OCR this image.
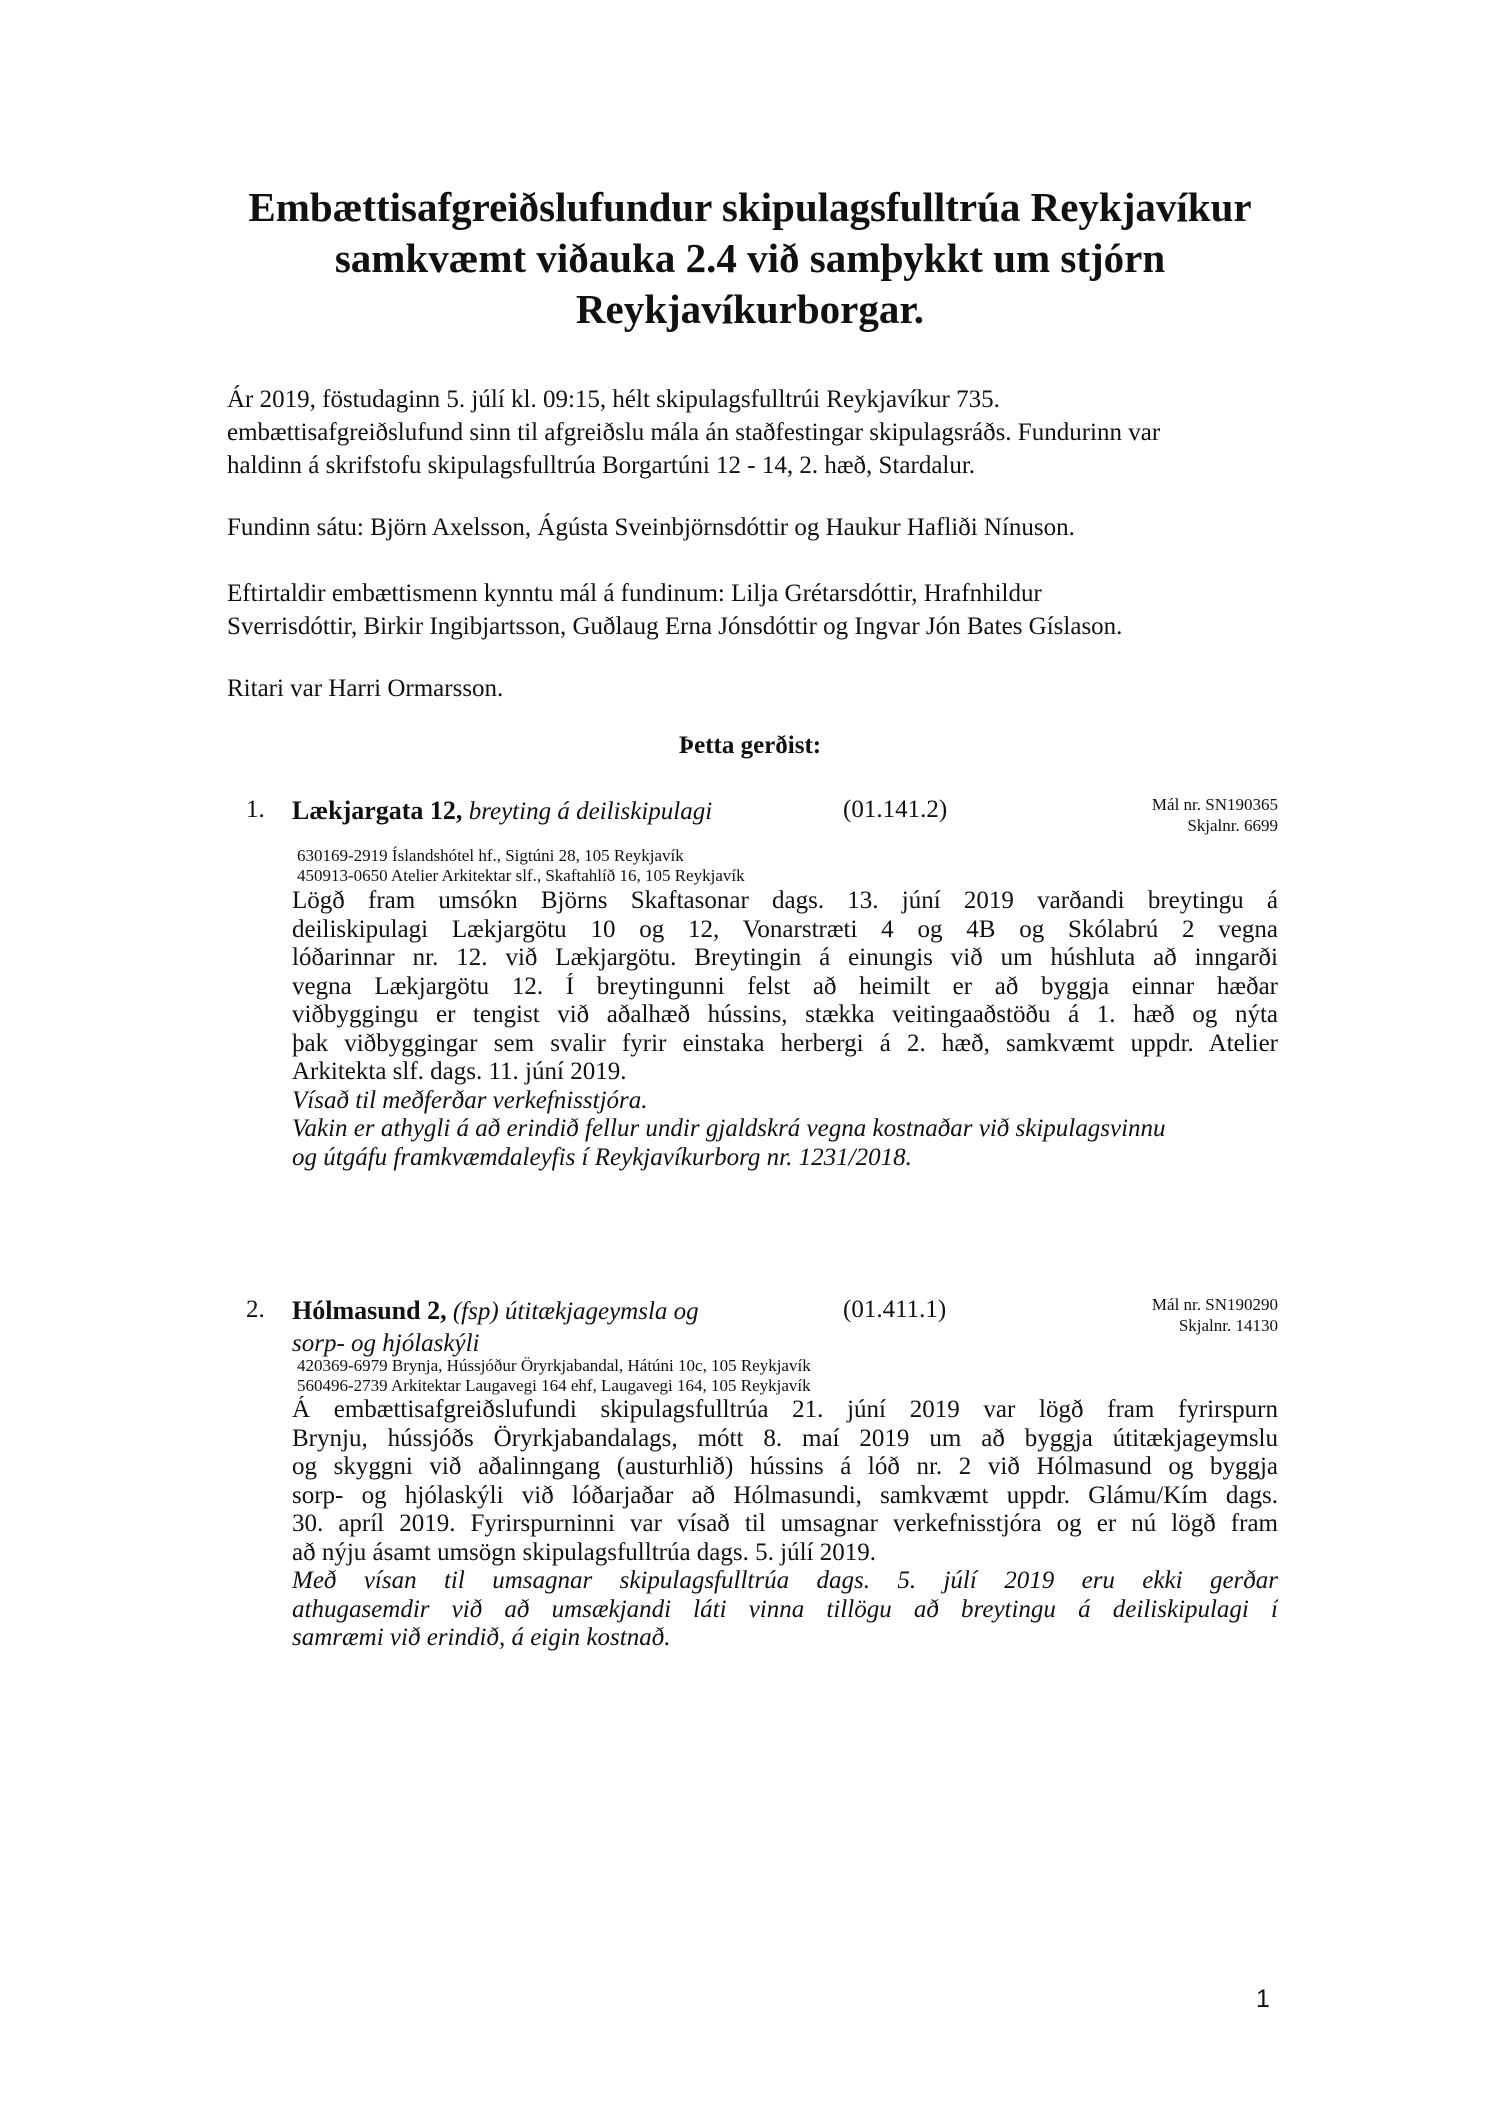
Embættisafgreiðslufundur skipulagsfulltrúa Reykjavíkur
samkvæmt viðauka 2.4 við samþykkt um stjórn
Reykjavíkurborgar.
Ár 2019, föstudaginn 5. júlí kl. 09:15, hélt skipulagsfulltrúi Reykjavíkur 735.
embættisafgreiðslufund sinn til afgreiðslu mála án staðfestingar skipulagsráðs. Fundurinn var
haldinn á skrifstofu skipulagsfulltrúa Borgartúni 12 - 14, 2. hæð, Stardalur.
Fundinn sátu: Björn Axelsson, Ágústa Sveinbjörnsdóttir og Haukur Hafliði Nínuson.
Eftirtaldir embættismenn kynntu mál á fundinum: Lilja Grétarsdóttir, Hrafnhildur
Sverrisdóttir, Birkir Ingibjartsson, Guðlaug Erna Jónsdóttir og Ingvar Jón Bates Gíslason.
Ritari var Harri Ormarsson.
Þetta gerðist:
1. Lækjargata 12, breyting á deiliskipulagi	(01.141.2)	Mál nr. SN190365
Skjalnr. 6699
630169-2919 Íslandshótel hf., Sigtúni 28, 105 Reykjavík
450913-0650 Atelier Arkitektar slf., Skaftahlíð 16, 105 Reykjavík
Lögð fram umsókn Björns Skaftasonar dags. 13. júní 2019 varðandi breytingu á
deiliskipulagi Lækjargötu 10 og 12, Vonarstræti 4 og 4B og Skólabrú 2 vegna
lóðarinnar nr. 12. við Lækjargötu. Breytingin á einungis við um húshluta að inngarði
vegna Lækjargötu 12. Í breytingunni felst að heimilt er að byggja einnar hæðar
viðbyggingu er tengist við aðalhæð hússins, stækka veitingaaðstöðu á 1. hæð og nýta
þak viðbyggingar sem svalir fyrir einstaka herbergi á 2. hæð, samkvæmt uppdr. Atelier
Arkitekta slf. dags. 11. júní 2019.
Vísað til meðferðar verkefnisstjóra.
Vakin er athygli á að erindið fellur undir gjaldskrá vegna kostnaðar við skipulagsvinnu
og útgáfu framkvæmdaleyfis í Reykjavíkurborg nr. 1231/2018.
2. Hólmasund 2, (fsp) útitækjageymsla og
sorp- og hjólaskýli
(01.411.1)	Mál nr. SN190290
Skjalnr. 14130
420369-6979 Brynja, Hússjóður Öryrkjabandal, Hátúni 10c, 105 Reykjavík
560496-2739 Arkitektar Laugavegi 164 ehf, Laugavegi 164, 105 Reykjavík
Á embættisafgreiðslufundi skipulagsfulltrúa 21. júní 2019 var lögð fram fyrirspurn
Brynju, hússjóðs Öryrkjabandalags, mótt 8. maí 2019 um að byggja útitækjageymslu
og skyggni við aðalinngang (austurhlið) hússins á lóð nr. 2 við Hólmasund og byggja
sorp- og hjólaskýli við lóðarjaðar að Hólmasundi, samkvæmt uppdr. Glámu/Kím dags.
30. apríl 2019. Fyrirspurninni var vísað til umsagnar verkefnisstjóra og er nú lögð fram
að nýju ásamt umsögn skipulagsfulltrúa dags. 5. júlí 2019.
Með vísan til umsagnar skipulagsfulltrúa dags. 5. júlí 2019 eru ekki gerðar
athugasemdir við að umsækjandi láti vinna tillögu að breytingu á deiliskipulagi í
samræmi við erindið, á eigin kostnað.
1
